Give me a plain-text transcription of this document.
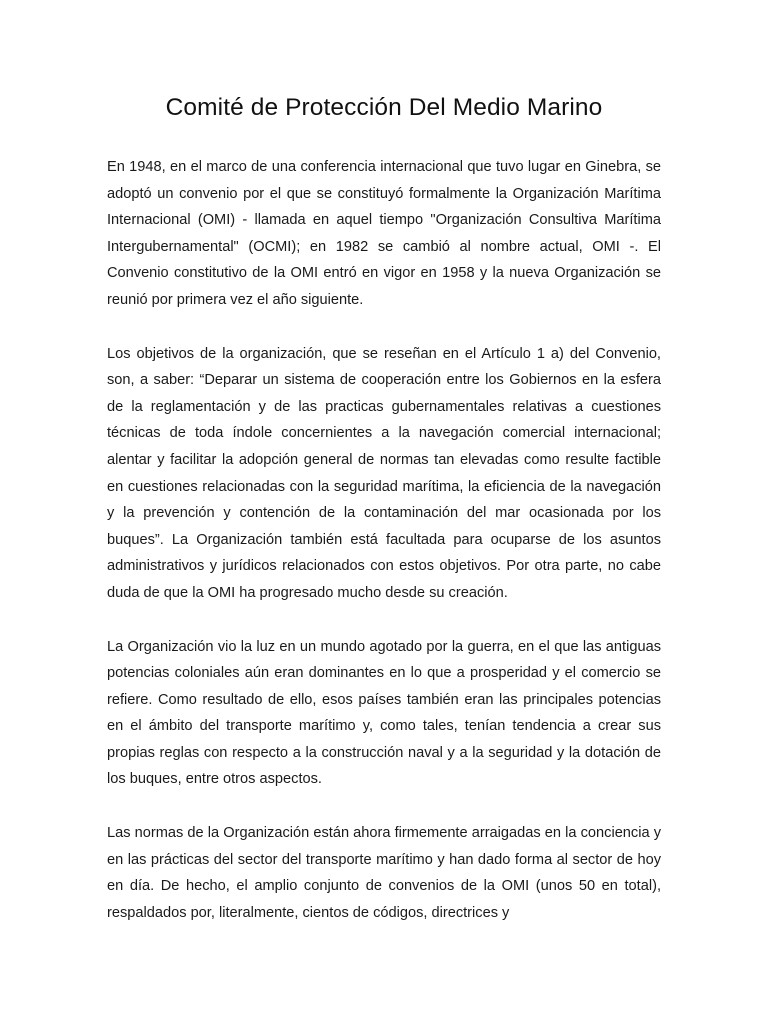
Comité de Protección Del Medio Marino

En 1948, en el marco de una conferencia internacional que tuvo lugar en Ginebra, se adoptó un convenio por el que se constituyó formalmente la Organización Marítima Internacional (OMI) - llamada en aquel tiempo "Organización Consultiva Marítima Intergubernamental" (OCMI); en 1982 se cambió al nombre actual, OMI -. El Convenio constitutivo de la OMI entró en vigor en 1958 y la nueva Organización se reunió por primera vez el año siguiente.

Los objetivos de la organización, que se reseñan en el Artículo 1 a) del Convenio, son, a saber: “Deparar un sistema de cooperación entre los Gobiernos en la esfera de la reglamentación y de las practicas gubernamentales relativas a cuestiones técnicas de toda índole concernientes a la navegación comercial internacional; alentar y facilitar la adopción general de normas tan elevadas como resulte factible en cuestiones relacionadas con la seguridad marítima, la eficiencia de la navegación y la prevención y contención de la contaminación del mar ocasionada por los buques”. La Organización también está facultada para ocuparse de los asuntos administrativos y jurídicos relacionados con estos objetivos. Por otra parte, no cabe duda de que la OMI ha progresado mucho desde su creación.

La Organización vio la luz en un mundo agotado por la guerra, en el que las antiguas potencias coloniales aún eran dominantes en lo que a prosperidad y el comercio se refiere. Como resultado de ello, esos países también eran las principales potencias en el ámbito del transporte marítimo y, como tales, tenían tendencia a crear sus propias reglas con respecto a la construcción naval y a la seguridad y la dotación de los buques, entre otros aspectos.

Las normas de la Organización están ahora firmemente arraigadas en la conciencia y en las prácticas del sector del transporte marítimo y han dado forma al sector de hoy en día. De hecho, el amplio conjunto de convenios de la OMI (unos 50 en total), respaldados por, literalmente, cientos de códigos, directrices y
